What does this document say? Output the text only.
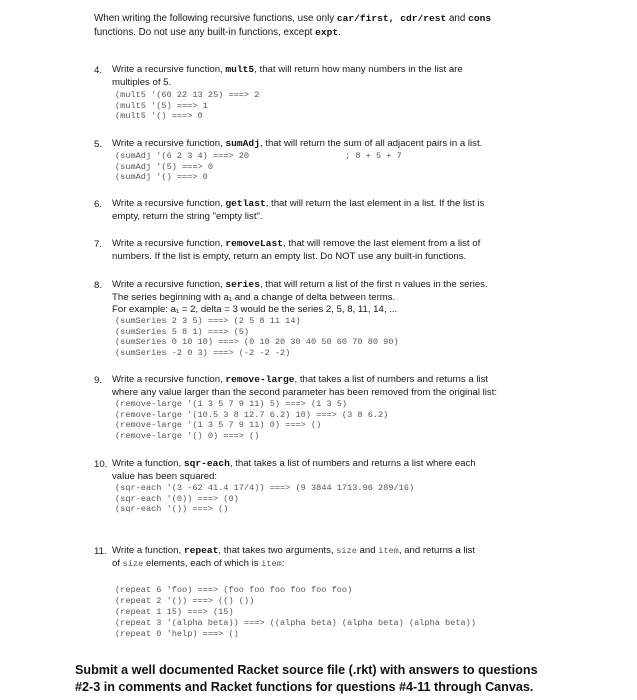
When writing the following recursive functions, use only car/first, cdr/rest and cons
functions. Do not use any built-in functions, except expt.
4. Write a recursive function, mult5, that will return how many numbers in the list are
multiples of 5.
(mult5 '(60 22 13 25) ===> 2
(mult5 '(5) ===> 1
(mult5 '() ===> 0
5. Write a recursive function, sumAdj, that will return the sum of all adjacent pairs in a list.
(sumAdj '(6 2 3 4) ===> 20
(sumAdj '(5) ===> 0
(sumAdj '() ===> 0
; 8 + 5 + 7
6. Write a recursive function, getlast, that will return the last element in a list. If the list is
empty, return the string "empty list".
7. Write a recursive function, removeLast, that will remove the last element from a list of
numbers. If the list is empty, return an empty list. Do NOT use any built-in functions.
8. Write a recursive function, series, that will return a list of the first n values in the series.
The series beginning with a₁ and a change of delta between terms.
For example: a₁ = 2, delta = 3 would be the series 2, 5, 8, 11, 14, ...
(sumSeries 2 3 5) ===> (2 5 8 11 14)
(sumSeries 5 8 1) ===> (5)
(sumSeries 0 10 10) ===> (0 10 20 30 40 50 60 70 80 90)
(sumSeries -2 0 3) ===> (-2 -2 -2)
9. Write a recursive function, remove-large, that takes a list of numbers and returns a list
where any value larger than the second parameter has been removed from the original list:
(remove-large '(1 3 5 7 9 11) 5) ===> (1 3 5)
(remove-large '(10.5 3 8 12.7 6.2) 10) ===> (3 8 6.2)
(remove-large '(1 3 5 7 9 11) 0) ===> ()
(remove-large '() 0) ===> ()
10. Write a function, sqr-each, that takes a list of numbers and returns a list where each
value has been squared:
(sqr-each '(3 -62 41.4 17/4)) ===> (9 3844 1713.96 289/16)
(sqr-each '(0)) ===> (0)
(sqr-each '()) ===> ()
11. Write a function, repeat, that takes two arguments, size and item, and returns a list
of size elements, each of which is item:
(repeat 6 'foo) ===> (foo foo foo foo foo foo)
(repeat 2 '()) ===> (() ())
(repeat 1 15) ===> (15)
(repeat 3 '(alpha beta)) ===> ((alpha beta) (alpha beta) (alpha beta))
(repeat 0 'help) ===> ()
Submit a well documented Racket source file (.rkt) with answers to questions
#2-3 in comments and Racket functions for questions #4-11 through Canvas.
